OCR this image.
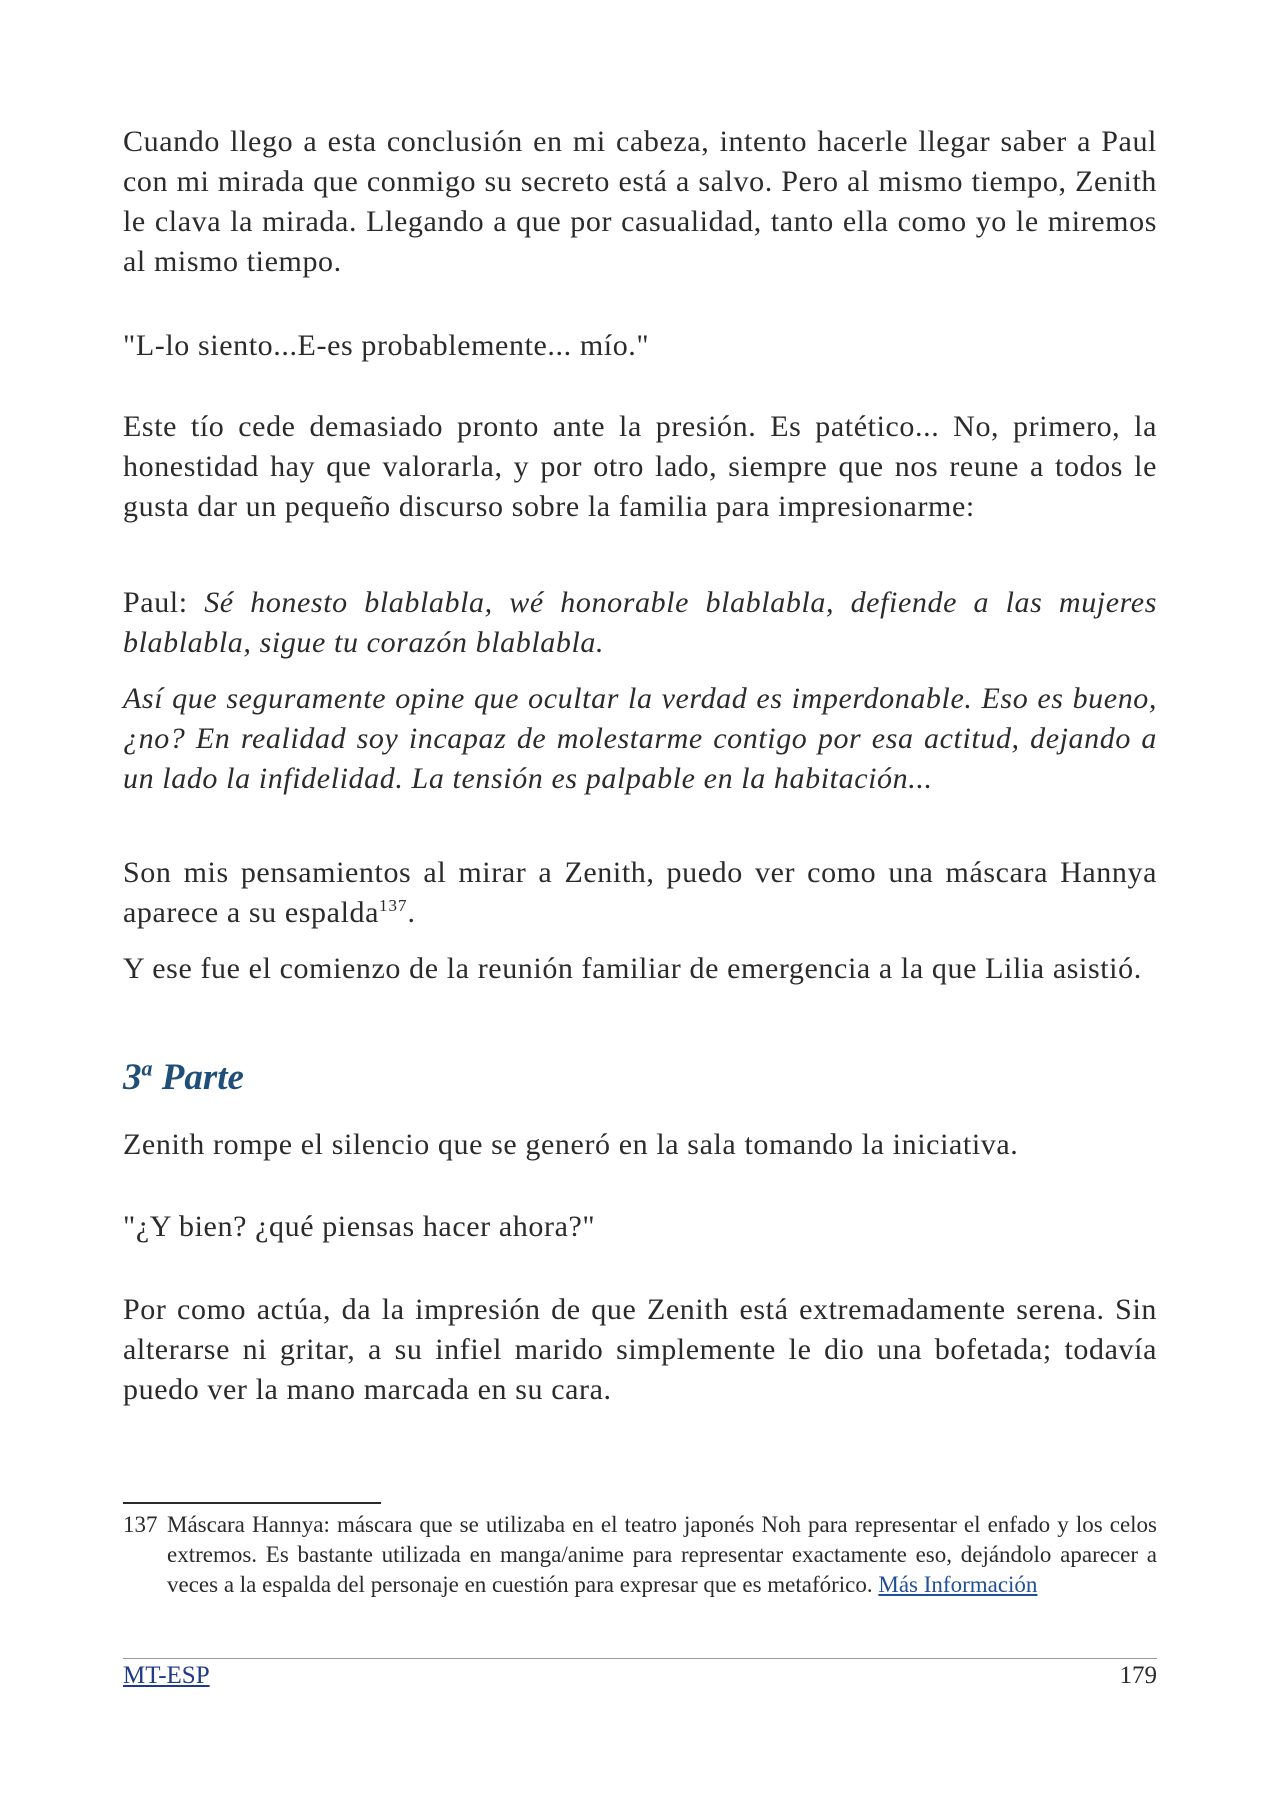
Cuando llego a esta conclusión en mi cabeza, intento hacerle llegar saber a Paul con mi mirada que conmigo su secreto está a salvo. Pero al mismo tiempo, Zenith le clava la mirada. Llegando a que por casualidad, tanto ella como yo le miremos al mismo tiempo.

"L-lo siento...E-es probablemente... mío."

Este tío cede demasiado pronto ante la presión. Es patético... No, primero, la honestidad hay que valorarla, y por otro lado, siempre que nos reune a todos le gusta dar un pequeño discurso sobre la familia para impresionarme:

Paul: Sé honesto blablabla, wé honorable blablabla, defiende a las mujeres blablabla, sigue tu corazón blablabla.

Así que seguramente opine que ocultar la verdad es imperdonable. Eso es bueno, ¿no? En realidad soy incapaz de molestarme contigo por esa actitud, dejando a un lado la infidelidad. La tensión es palpable en la habitación...

Son mis pensamientos al mirar a Zenith, puedo ver como una máscara Hannya aparece a su espalda$^{137}$.

Y ese fue el comienzo de la reunión familiar de emergencia a la que Lilia asistió.

3$^a$ Parte

Zenith rompe el silencio que se generó en la sala tomando la iniciativa.

"¿Y bien? ¿qué piensas hacer ahora?"

Por como actúa, da la impresión de que Zenith está extremadamente serena. Sin alterarse ni gritar, a su infiel marido simplemente le dio una bofetada; todavía puedo ver la mano marcada en su cara.

137 Máscara Hannya: máscara que se utilizaba en el teatro japonés Noh para representar el enfado y los celos extremos. Es bastante utilizada en manga/anime para representar exactamente eso, dejándolo aparecer a veces a la espalda del personaje en cuestión para expresar que es metafórico. Más Información
MT-ESP	179
